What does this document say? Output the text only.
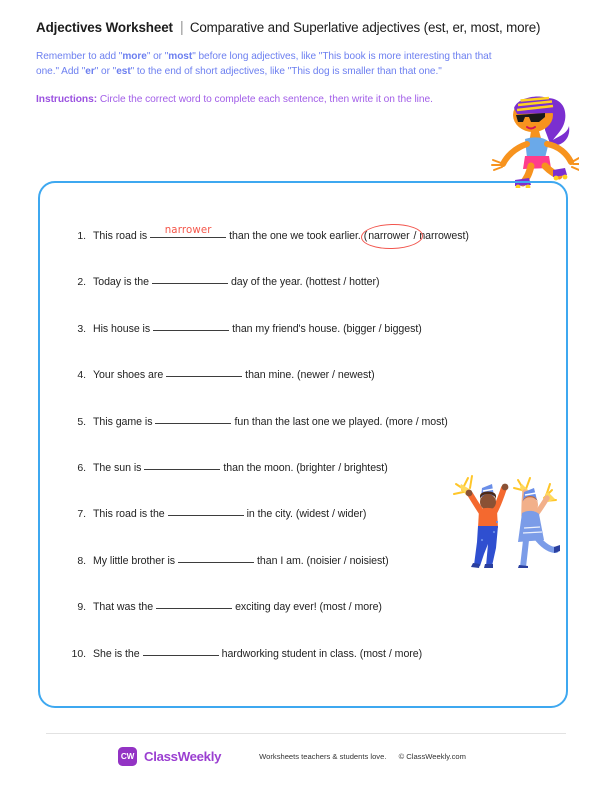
Adjectives Worksheet | Comparative and Superlative adjectives (est, er, most, more)
Remember to add "more" or "most" before long adjectives, like "This book is more interesting than that one." Add "er" or "est" to the end of short adjectives, like "This dog is smaller than that one."
Instructions: Circle the correct word to complete each sentence, then write it on the line.
1. This road is narrower than the one we took earlier. (
narrower / narrowest)
2. Today is the	day of the year. (hottest / hotter)
3. His house is	than my friend's house. (bigger / biggest)
4. Your shoes are	than mine. (newer / newest)
5. This game is	fun than the last one we played. (more / most)
6. The sun is	than the moon. (brighter / brightest)
7. This road is the	in the city. (widest / wider)
8. My little brother is	than I am. (noisier / noisiest)
9. That was the	exciting day ever! (most / more)
10. She is the	hardworking student in class. (most / more)
CW ClassWeekly	Worksheets teachers & students love. © ClassWeekly.com
